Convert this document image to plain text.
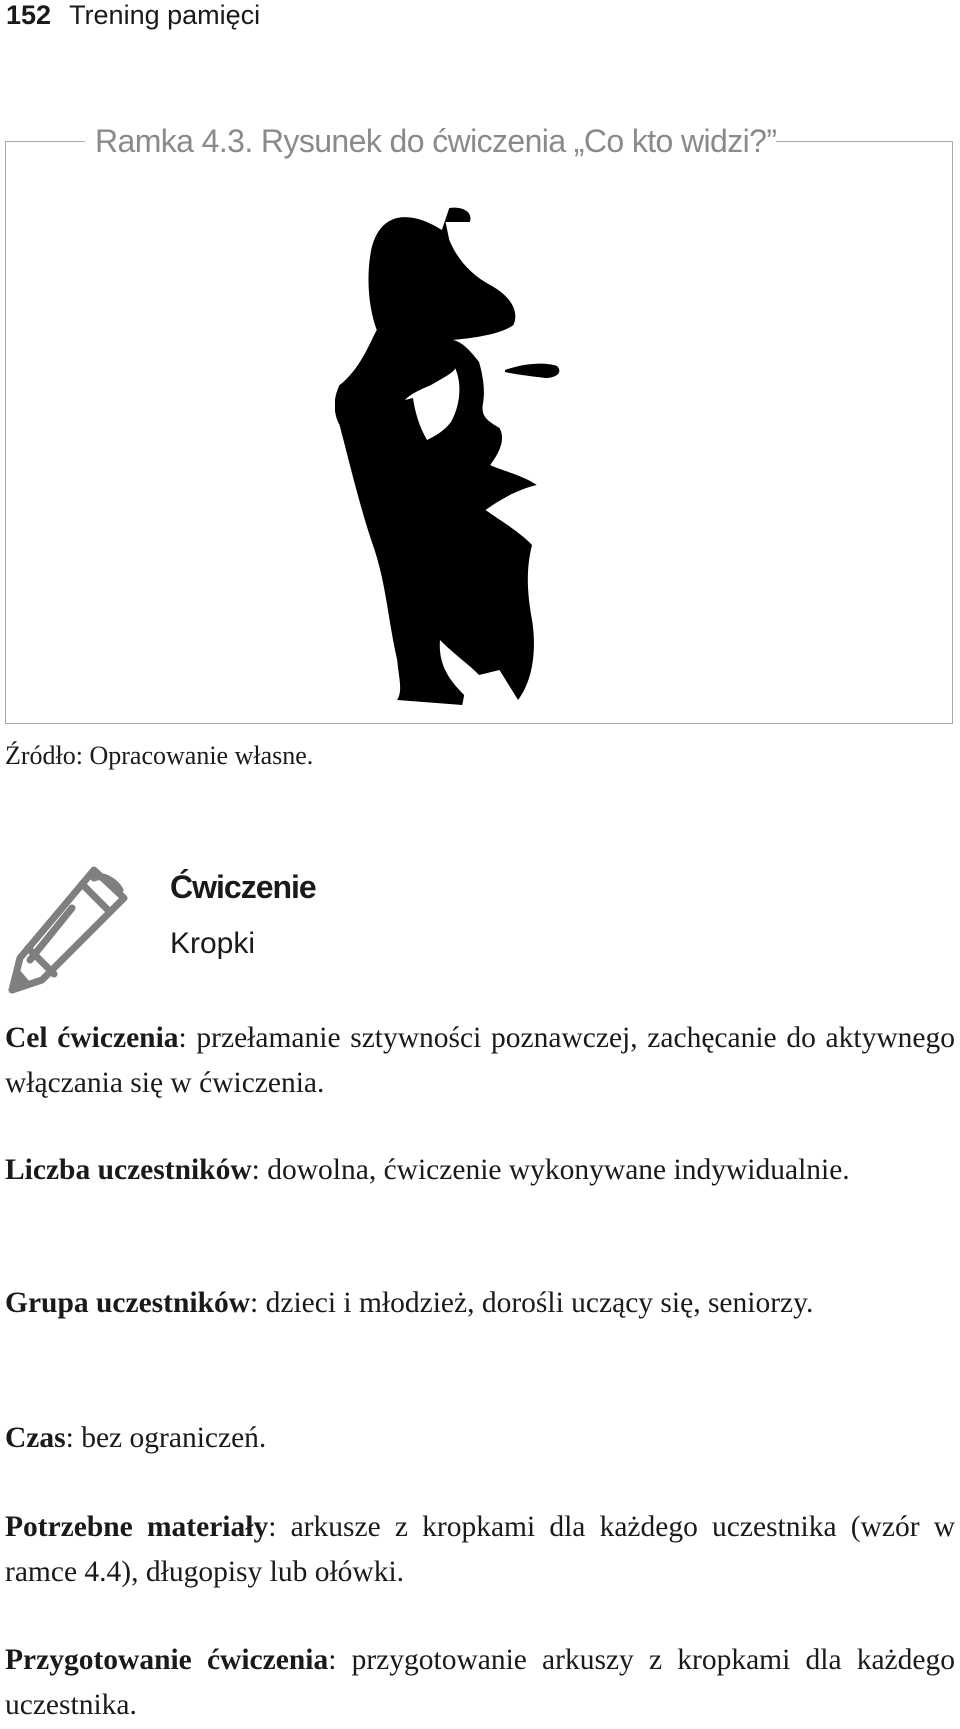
152 Trening pamięci
Ramka 4.3. Rysunek do ćwiczenia „Co kto widzi?”
Źródło: Opracowanie własne.
Ćwiczenie
Kropki

Cel ćwiczenia: przełamanie sztywności poznawczej, zachęcanie do aktywnego włączania się w ćwiczenia.

Liczba uczestników: dowolna, ćwiczenie wykonywane indywidualnie.

Grupa uczestników: dzieci i młodzież, dorośli uczący się, seniorzy.

Czas: bez ograniczeń.

Potrzebne materiały: arkusze z kropkami dla każdego uczestnika (wzór w ramce 4.4), długopisy lub ołówki.

Przygotowanie ćwiczenia: przygotowanie arkuszy z kropkami dla każdego uczestnika.
